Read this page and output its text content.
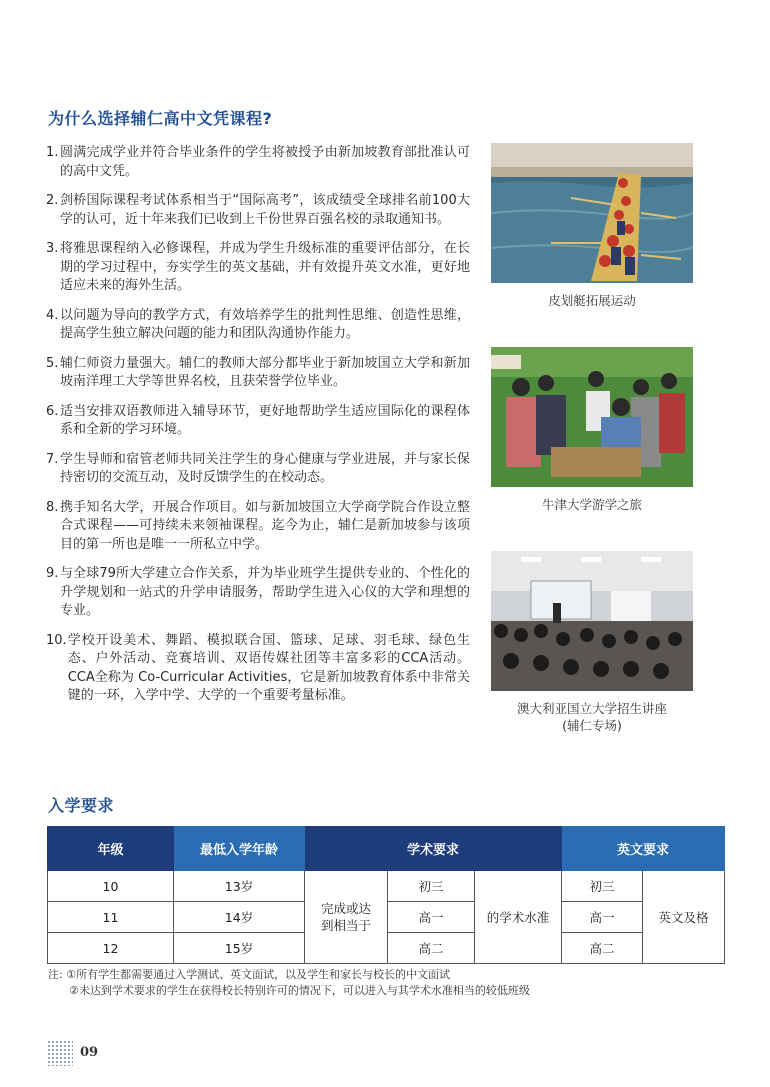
为什么选择辅仁高中文凭课程?
1. 圆满完成学业并符合毕业条件的学生将被授予由新加坡教育部批准认可的高中文凭。
2. 剑桥国际课程考试体系相当于“国际高考”，该成绩受全球排名前100大学的认可，近十年来我们已收到上千份世界百强名校的录取通知书。
3. 将雅思课程纳入必修课程，并成为学生升级标准的重要评估部分，在长期的学习过程中，夯实学生的英文基础，并有效提升英文水准，更好地适应未来的海外生活。
4. 以问题为导向的教学方式，有效培养学生的批判性思维、创造性思维，提高学生独立解决问题的能力和团队沟通协作能力。
5. 辅仁师资力量强大。辅仁的教师大部分都毕业于新加坡国立大学和新加坡南洋理工大学等世界名校，且获荣誉学位毕业。
6. 适当安排双语教师进入辅导环节，更好地帮助学生适应国际化的课程体系和全新的学习环境。
7. 学生导师和宿管老师共同关注学生的身心健康与学业进展，并与家长保持密切的交流互动，及时反馈学生的在校动态。
8. 携手知名大学，开展合作项目。如与新加坡国立大学商学院合作设立整合式课程——可持续未来领袖课程。迄今为止，辅仁是新加坡参与该项目的第一所也是唯一一所私立中学。
9. 与全球79所大学建立合作关系，并为毕业班学生提供专业的、个性化的升学规划和一站式的升学申请服务，帮助学生进入心仪的大学和理想的专业。
10. 学校开设美术、舞蹈、模拟联合国、篮球、足球、羽毛球、绿色生态、户外活动、竞赛培训、双语传媒社团等丰富多彩的CCA活动。CCA全称为 Co-Curricular Activities，它是新加坡教育体系中非常关键的一环，入学中学、大学的一个重要考量标准。
皮划艇拓展运动
牛津大学游学之旅
澳大利亚国立大学招生讲座
(辅仁专场)
入学要求
年级	最低入学年龄	学术要求			英文要求	
10	13岁	完成或达到相当于	初三	的学术水准	初三	英文及格
11	14岁		高一		高一	
12	15岁		高二		高二	
注: ①所有学生都需要通过入学测试、英文面试，以及学生和家长与校长的中文面试
②未达到学术要求的学生在获得校长特别许可的情况下，可以进入与其学术水准相当的较低班级
09
